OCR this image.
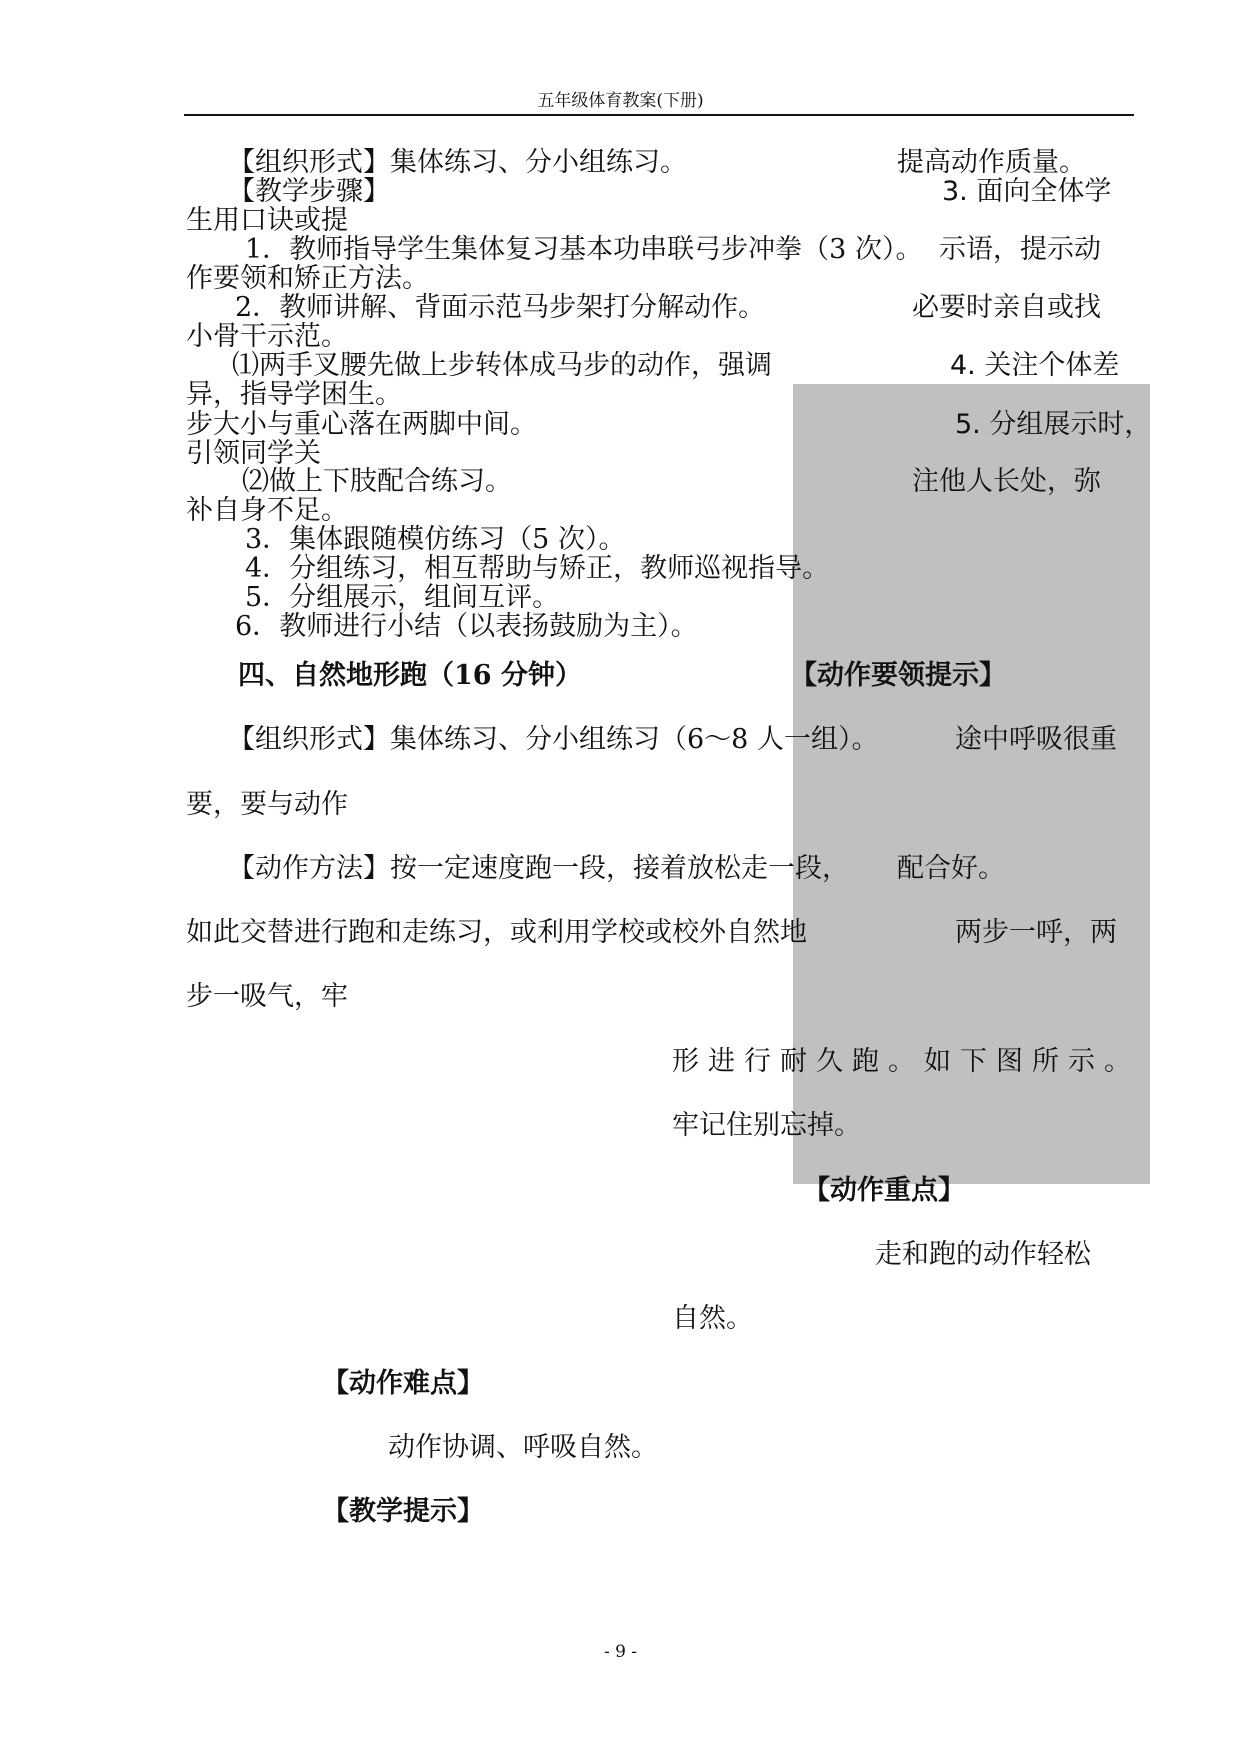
五年级体育教案(下册)
【组织形式】集体练习、分小组练习。	提高动作质量。
【教学步骤】	3. 面向全体学
生用口诀或提
1．教师指导学生集体复习基本功串联弓步冲拳（3 次）。 示语，提示动
作要领和矫正方法。
2．教师讲解、背面示范马步架打分解动作。	必要时亲自或找
小骨干示范。
⑴两手叉腰先做上步转体成马步的动作，强调	4. 关注个体差
异，指导学困生。
步大小与重心落在两脚中间。	5. 分组展示时，
引领同学关
⑵做上下肢配合练习。	注他人长处，弥
补自身不足。
3．集体跟随模仿练习（5 次）。
4．分组练习，相互帮助与矫正，教师巡视指导。
5．分组展示，组间互评。
6．教师进行小结（以表扬鼓励为主）。
四、自然地形跑（16 分钟）	【动作要领提示】
【组织形式】集体练习、分小组练习（6～8 人一组）。	途中呼吸很重
要，要与动作
【动作方法】按一定速度跑一段，接着放松走一段， 配合好。
如此交替进行跑和走练习，或利用学校或校外自然地	两步一呼，两
步一吸气，牢
形进行耐久跑。如下图所示。
牢记住别忘掉。
【动作重点】
走和跑的动作轻松
自然。
【动作难点】
动作协调、呼吸自然。
【教学提示】
- 9 -
